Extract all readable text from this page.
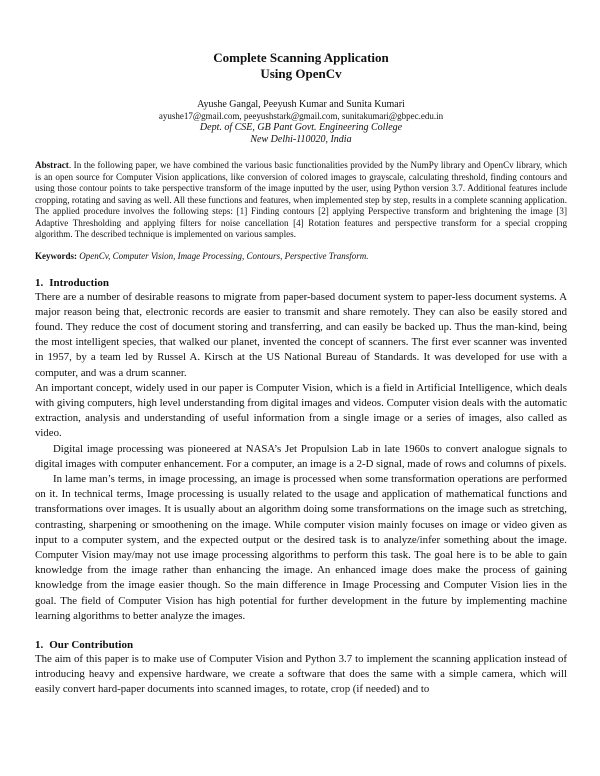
Complete Scanning Application
Using OpenCv
Ayushe Gangal, Peeyush Kumar and Sunita Kumari
ayushe17@gmail.com, peeyushstark@gmail.com, sunitakumari@gbpec.edu.in
Dept. of CSE, GB Pant Govt. Engineering College
New Delhi-110020, India
Abstract. In the following paper, we have combined the various basic functionalities provided by the NumPy library and OpenCv library, which is an open source for Computer Vision applications, like conversion of colored images to grayscale, calculating threshold, finding contours and using those contour points to take perspective transform of the image inputted by the user, using Python version 3.7. Additional features include cropping, rotating and saving as well. All these functions and features, when implemented step by step, results in a complete scanning application. The applied procedure involves the following steps: [1] Finding contours [2] applying Perspective transform and brightening the image [3] Adaptive Thresholding and applying filters for noise cancellation [4] Rotation features and perspective transform for a special cropping algorithm. The described technique is implemented on various samples.
Keywords: OpenCv, Computer Vision, Image Processing, Contours, Perspective Transform.
1. Introduction

There are a number of desirable reasons to migrate from paper-based document system to paper-less document systems. A major reason being that, electronic records are easier to transmit and share remotely. They can also be easily stored and found. They reduce the cost of document storing and transferring, and can easily be backed up. Thus the man-kind, being the most intelligent species, that walked our planet, invented the concept of scanners. The first ever scanner was invented in 1957, by a team led by Russel A. Kirsch at the US National Bureau of Standards. It was developed for use with a computer, and was a drum scanner.

An important concept, widely used in our paper is Computer Vision, which is a field in Artificial Intelligence, which deals with giving computers, high level understanding from digital images and videos. Computer vision deals with the automatic extraction, analysis and understanding of useful information from a single image or a series of images, also called as video.

Digital image processing was pioneered at NASA’s Jet Propulsion Lab in late 1960s to convert analogue signals to digital images with computer enhancement. For a computer, an image is a 2-D signal, made of rows and columns of pixels.

In lame man’s terms, in image processing, an image is processed when some transformation operations are performed on it. In technical terms, Image processing is usually related to the usage and application of mathematical functions and transformations over images. It is usually about an algorithm doing some transformations on the image such as stretching, contrasting, sharpening or smoothening on the image. While computer vision mainly focuses on image or video given as input to a computer system, and the expected output or the desired task is to analyze/infer something about the image. Computer Vision may/may not use image processing algorithms to perform this task. The goal here is to be able to gain knowledge from the image rather than enhancing the image. An enhanced image does make the process of gaining knowledge from the image easier though. So the main difference in Image Processing and Computer Vision lies in the goal. The field of Computer Vision has high potential for further development in the future by implementing machine learning algorithms to better analyze the images.

1. Our Contribution

The aim of this paper is to make use of Computer Vision and Python 3.7 to implement the scanning application instead of introducing heavy and expensive hardware, we create a software that does the same with a simple camera, which will easily convert hard-paper documents into scanned images, to rotate, crop (if needed) and to
